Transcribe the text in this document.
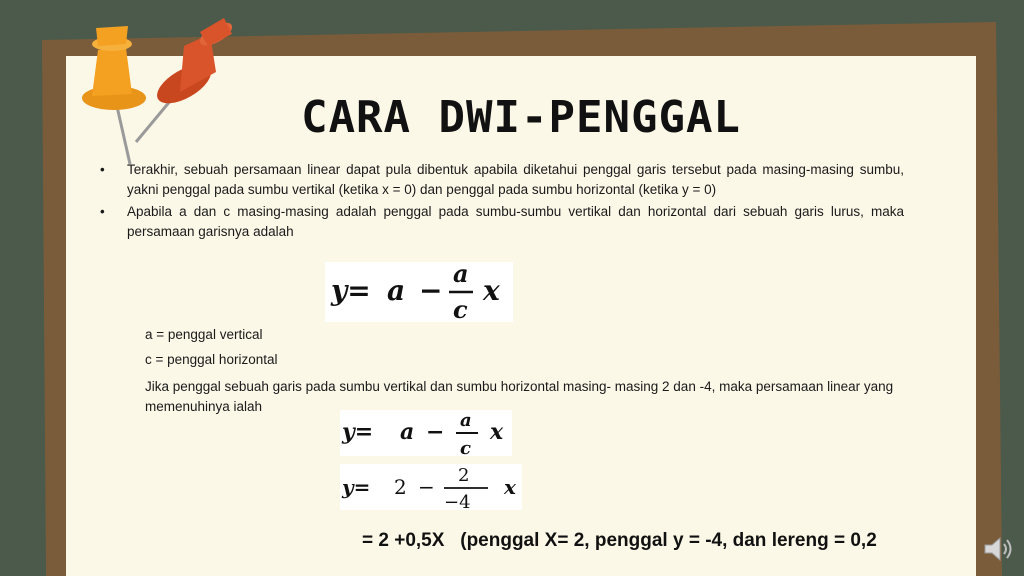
CARA DWI-PENGGAL
• Terakhir, sebuah persamaan linear dapat pula dibentuk apabila diketahui penggal garis tersebut pada masing-masing sumbu, yakni penggal pada sumbu vertikal (ketika x = 0) dan penggal pada sumbu horizontal (ketika y = 0)
• Apabila a dan c masing-masing adalah penggal pada sumbu-sumbu vertikal dan horizontal dari sebuah garis lurus, maka persamaan garisnya adalah
y= a −
a
c
x
a = penggal vertical
c = penggal horizontal
Jika penggal sebuah garis pada sumbu vertikal dan sumbu horizontal masing- masing 2 dan -4, maka persamaan linear yang memenuhinya ialah
y= a − a
c
x
y= 2 − 2
−4
x
= 2 +0,5X   (penggal X= 2, penggal y = -4, dan lereng = 0,2
